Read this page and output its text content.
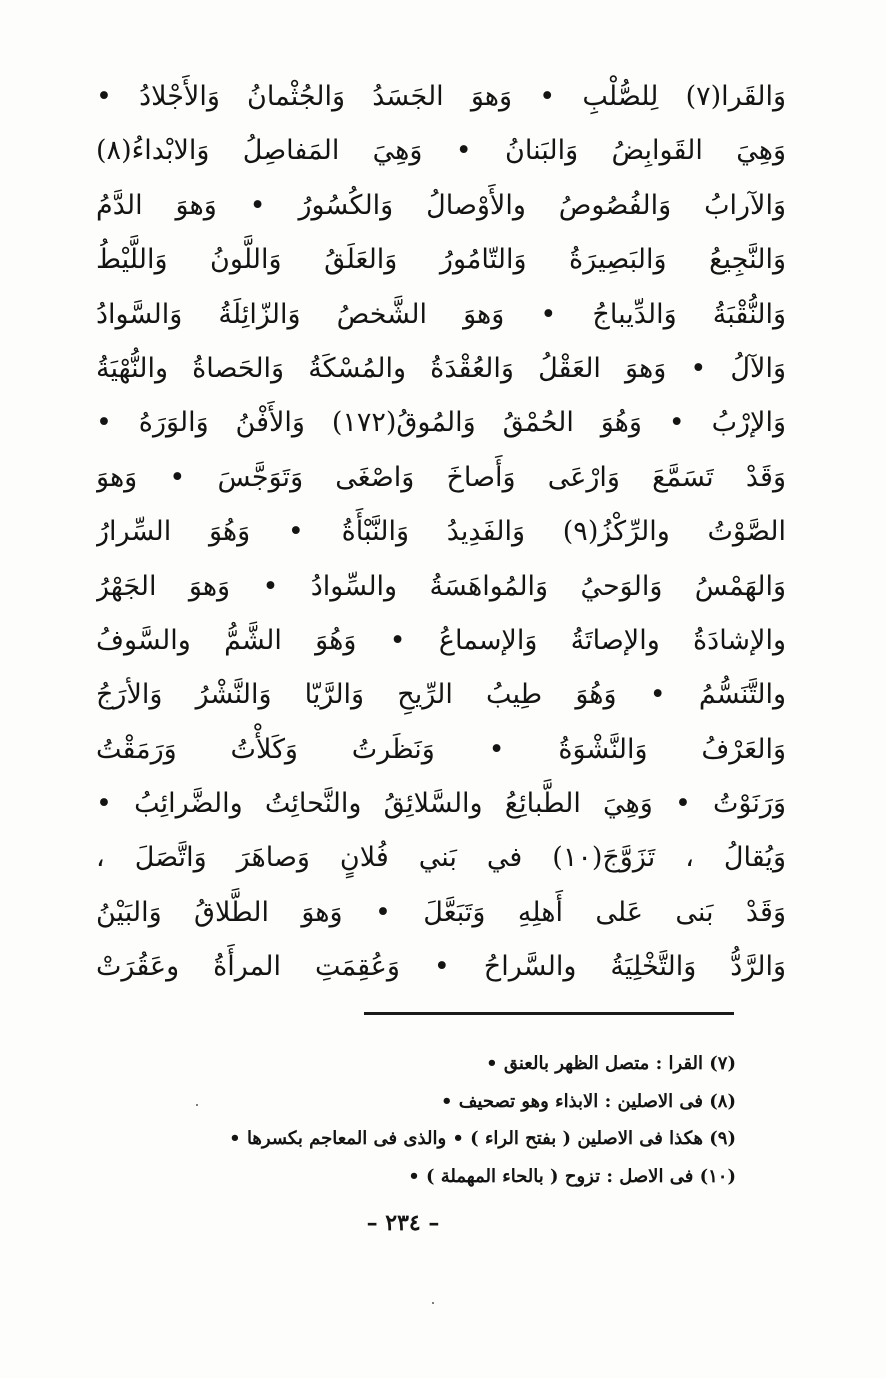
وَالقَرا(٧) لِلصُّلْبِ • وَهوَ الجَسَدُ وَالجُثْمانُ وَالأَجْلادُ •
وَهِيَ القَوابِضُ وَالبَنانُ • وَهِيَ المَفاصِلُ وَالابْداءُ(٨)
وَالآرابُ وَالفُصُوصُ والأَوْصالُ وَالكُسُورُ • وَهوَ الدَّمُ
وَالنَّجِيعُ وَالبَصِيرَةُ وَالتّامُورُ وَالعَلَقُ وَاللَّونُ وَاللَّيْطُ
وَالنُّقْبَةُ وَالدِّيباجُ • وَهوَ الشَّخصُ وَالزّائِلَةُ وَالسَّوادُ
وَالآلُ • وَهوَ العَقْلُ وَالعُقْدَةُ والمُسْكَةُ وَالحَصاةُ والنُّهْيَةُ
وَالإرْبُ • وَهُوَ الحُمْقُ وَالمُوقُ(١٧٢) وَالأَفْنُ وَالوَرَهُ •
وَقَدْ تَسَمَّعَ وَارْعَى وَأَصاخَ وَاصْغَى وَتَوَجَّسَ • وَهوَ
الصَّوْتُ والرِّكْزُ(٩) وَالفَدِيدُ وَالنَّبْأَةُ • وَهُوَ السِّرارُ
وَالهَمْسُ وَالوَحيُ وَالمُواهَسَةُ والسِّوادُ • وَهوَ الجَهْرُ
والإشادَةُ والإصاتَةُ وَالإسماعُ • وَهُوَ الشَّمُّ والسَّوفُ
والتَّنَسُّمُ • وَهُوَ طِيبُ الرِّيحِ وَالرَّيّا وَالنَّشْرُ وَالأرَجُ
وَالعَرْفُ وَالنَّشْوَةُ • وَنَظَرتُ وَكَلأْتُ وَرَمَقْتُ
وَرَنَوْتُ • وَهِيَ الطَّبائِعُ والسَّلائِقُ والنَّحائِتُ والضَّرائِبُ •
وَيُقالُ ، تَزَوَّجَ(١٠) في بَني فُلانٍ وَصاهَرَ وَاتَّصَلَ ،
وَقَدْ بَنى عَلى أَهلِهِ وَتَبَعَّلَ • وَهوَ الطَّلاقُ وَالبَيْنُ
وَالرَّدُّ وَالتَّخْلِيَةُ والسَّراحُ • وَعُقِمَتِ المرأَةُ وعَقُرَتْ
(٧) القرا : متصل الظهر بالعنق •
(٨) فى الاصلين : الابذاء وهو تصحيف •
(٩) هكذا فى الاصلين ( بفتح الراء ) • والذى فى المعاجم بكسرها •
(١٠) فى الاصل : تزوح ( بالحاء المهملة ) •
– ٢٣٤ –
